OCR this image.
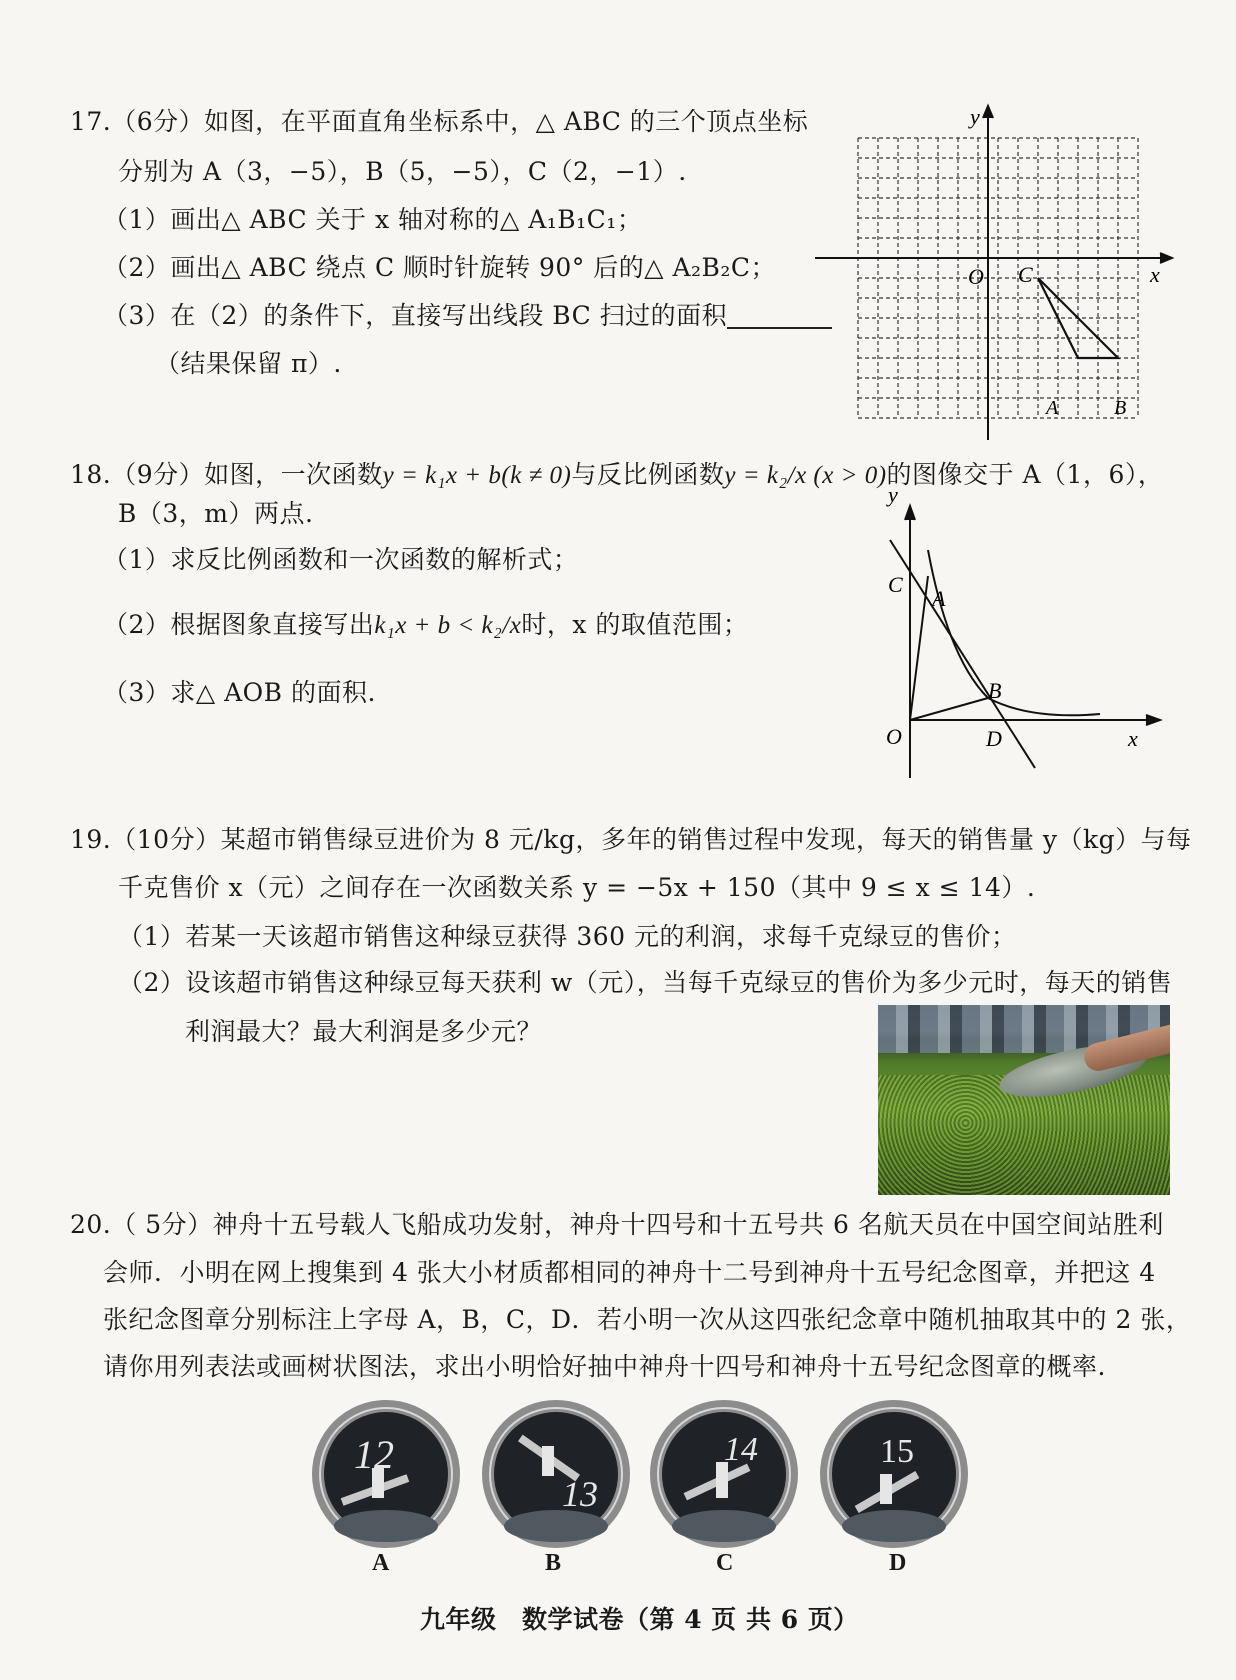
17.（6分）如图，在平面直角坐标系中，△ ABC 的三个顶点坐标
分别为 A（3，−5），B（5，−5），C（2，−1）.
（1）画出△ ABC 关于 x 轴对称的△ A₁B₁C₁；
（2）画出△ ABC 绕点 C 顺时针旋转 90° 后的△ A₂B₂C；
（3）在（2）的条件下，直接写出线段 BC 扫过的面积
（结果保留 π）.
y
x
O C
A	B
18.（9分）如图，一次函数y = k₁x + b(k ≠ 0)与反比例函数y = k₂/x (x > 0)的图像交于 A（1，6），
B（3，m）两点.
（1）求反比例函数和一次函数的解析式；
（2）根据图象直接写出k₁x + b < k₂/x时，x 的取值范围；
（3）求△ AOB 的面积.
y
x
O
C
A
B
D
19.（10分）某超市销售绿豆进价为 8 元/kg，多年的销售过程中发现，每天的销售量 y（kg）与每
千克售价 x（元）之间存在一次函数关系 y = −5x + 150（其中 9 ≤ x ≤ 14）.
（1）若某一天该超市销售这种绿豆获得 360 元的利润，求每千克绿豆的售价；
（2）设该超市销售这种绿豆每天获利 w（元），当每千克绿豆的售价为多少元时，每天的销售
利润最大？最大利润是多少元？
20.（ 5分）神舟十五号载人飞船成功发射，神舟十四号和十五号共 6 名航天员在中国空间站胜利
会师．小明在网上搜集到 4 张大小材质都相同的神舟十二号到神舟十五号纪念图章，并把这 4
张纪念图章分别标注上字母 A，B，C，D．若小明一次从这四张纪念章中随机抽取其中的 2 张，
请你用列表法或画树状图法，求出小明恰好抽中神舟十四号和神舟十五号纪念图章的概率.
12
A
13
B
14
C
15
D
九年级　数学试卷（第 4 页 共 6 页）
